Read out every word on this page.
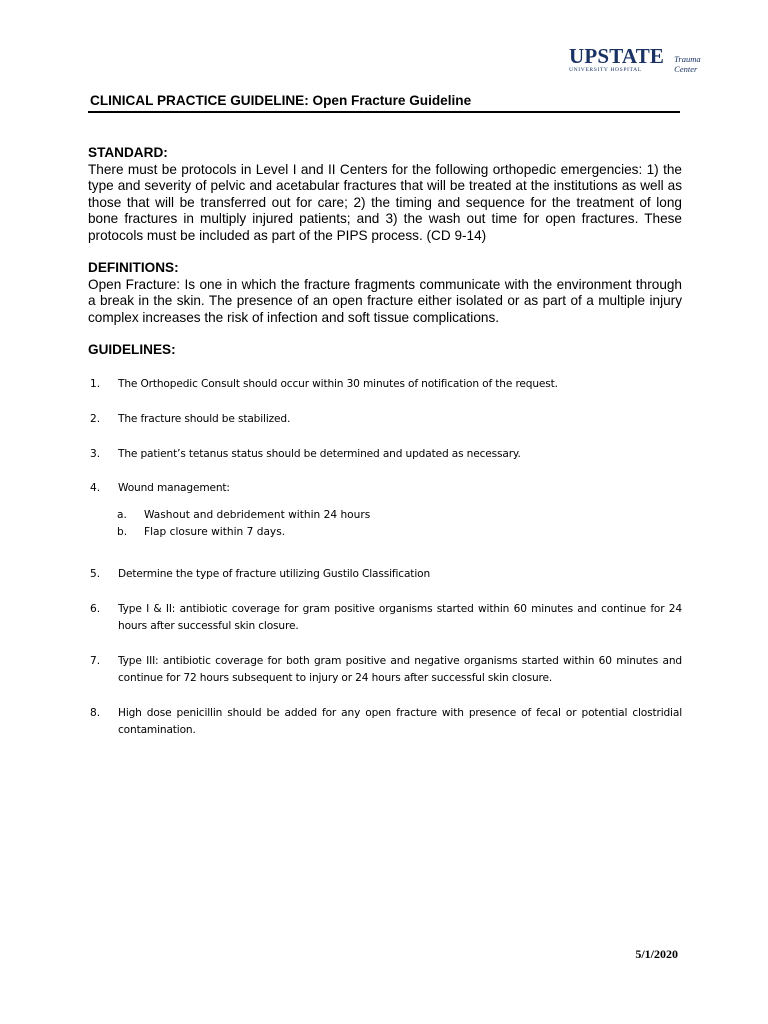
UPSTATE
UNIVERSITY HOSPITAL
Trauma
Center
CLINICAL PRACTICE GUIDELINE: Open Fracture Guideline
STANDARD:

There must be protocols in Level I and II Centers for the following orthopedic emergencies: 1) the type and severity of pelvic and acetabular fractures that will be treated at the institutions as well as those that will be transferred out for care; 2) the timing and sequence for the treatment of long bone fractures in multiply injured patients; and 3) the wash out time for open fractures. These protocols must be included as part of the PIPS process. (CD 9-14)

DEFINITIONS:

Open Fracture: Is one in which the fracture fragments communicate with the environment through a break in the skin. The presence of an open fracture either isolated or as part of a multiple injury complex increases the risk of infection and soft tissue complications.

GUIDELINES:
1. The Orthopedic Consult should occur within 30 minutes of notification of the request.
2. The fracture should be stabilized.
3. The patient’s tetanus status should be determined and updated as necessary.
4. Wound management:
a. Washout and debridement within 24 hours
b. Flap closure within 7 days.
5. Determine the type of fracture utilizing Gustilo Classification
6. Type I & II: antibiotic coverage for gram positive organisms started within 60 minutes and continue for 24 hours after successful skin closure.
7. Type III: antibiotic coverage for both gram positive and negative organisms started within 60 minutes and continue for 72 hours subsequent to injury or 24 hours after successful skin closure.
8. High dose penicillin should be added for any open fracture with presence of fecal or potential clostridial contamination.
5/1/2020
